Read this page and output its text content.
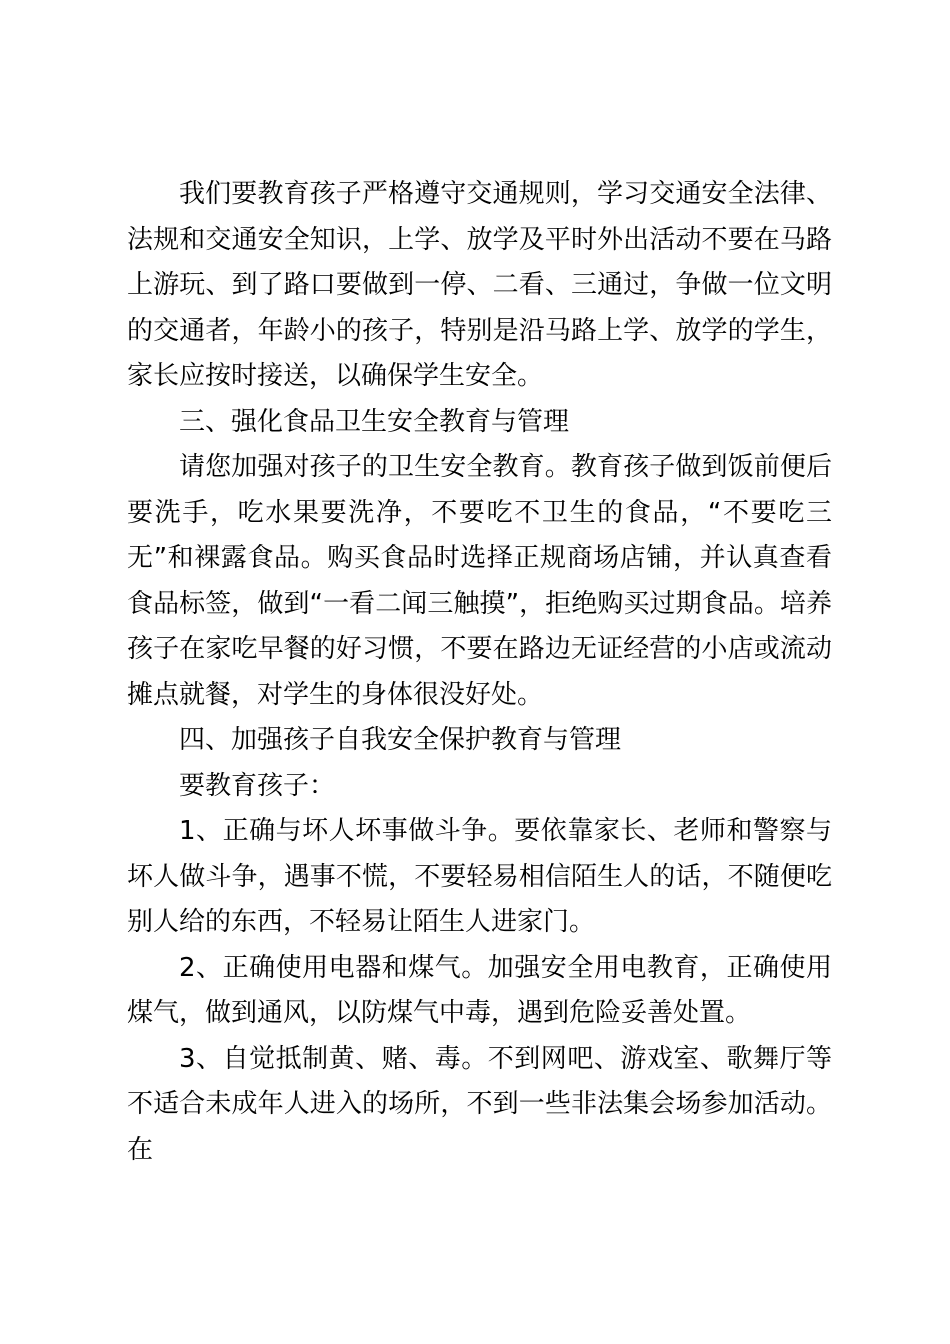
我们要教育孩子严格遵守交通规则，学习交通安全法律、法规和交通安全知识，上学、放学及平时外出活动不要在马路上游玩、到了路口要做到一停、二看、三通过，争做一位文明的交通者，年龄小的孩子，特别是沿马路上学、放学的学生，家长应按时接送，以确保学生安全。

三、强化食品卫生安全教育与管理

请您加强对孩子的卫生安全教育。教育孩子做到饭前便后要洗手，吃水果要洗净，不要吃不卫生的食品，“不要吃三无”和裸露食品。购买食品时选择正规商场店铺，并认真查看食品标签，做到“一看二闻三触摸”，拒绝购买过期食品。培养孩子在家吃早餐的好习惯，不要在路边无证经营的小店或流动摊点就餐，对学生的身体很没好处。

四、加强孩子自我安全保护教育与管理

要教育孩子：

1、正确与坏人坏事做斗争。要依靠家长、老师和警察与坏人做斗争，遇事不慌，不要轻易相信陌生人的话，不随便吃别人给的东西，不轻易让陌生人进家门。

2、正确使用电器和煤气。加强安全用电教育，正确使用煤气，做到通风，以防煤气中毒，遇到危险妥善处置。

3、自觉抵制黄、赌、毒。不到网吧、游戏室、歌舞厅等不适合未成年人进入的场所，不到一些非法集会场参加活动。在
